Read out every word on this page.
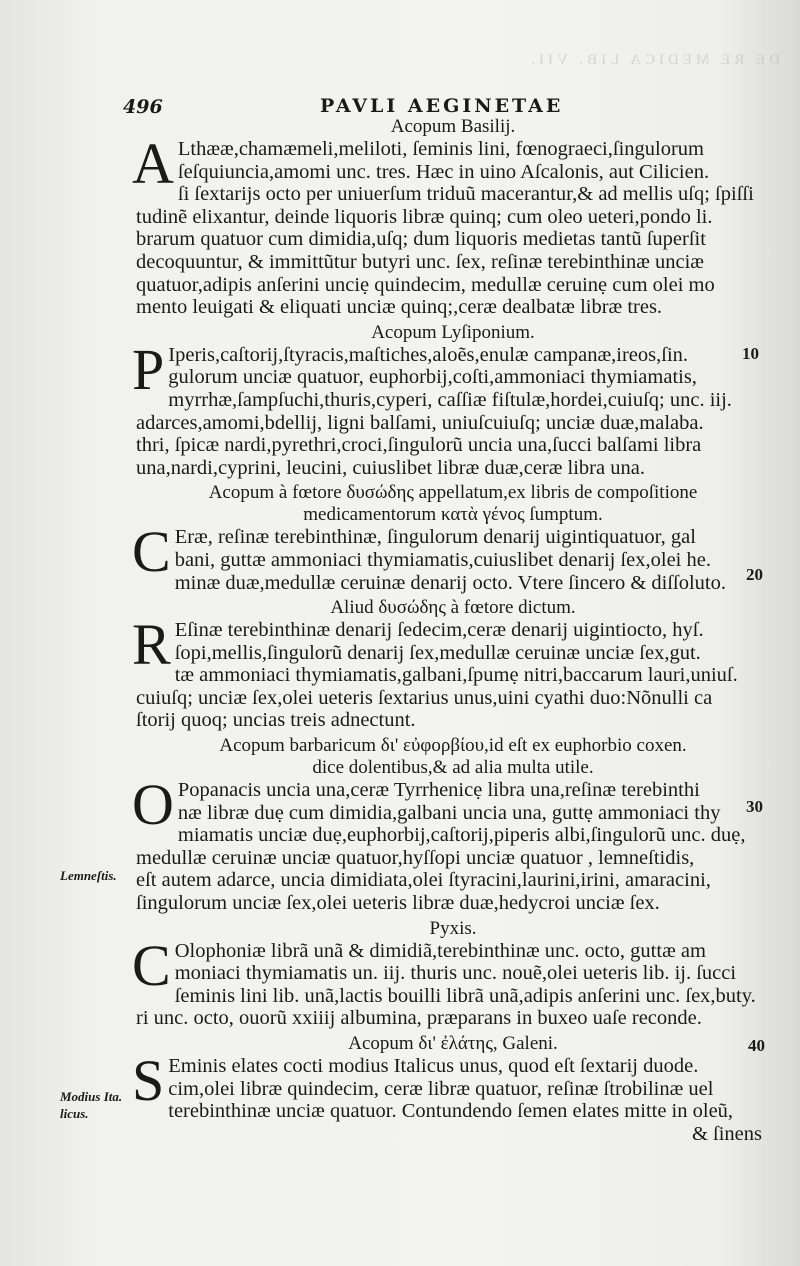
DE RE MEDICA LIB. VII.
496	PAVLI AEGINETAE
Acopum Basilij.
A Lthææ,chamæmeli,meliloti, ſeminis lini, fœnograeci,ſingulorum
ſeſquiuncia,amomi unc. tres. Hæc in uino Aſcalonis, aut Cilicien.
ſi ſextarijs octo per uniuerſum triduũ macerantur,& ad mellis uſq; ſpiſſi
tudinẽ elixantur, deinde liquoris libræ quinq; cum oleo ueteri,pondo li.
brarum quatuor cum dimidia,uſq; dum liquoris medietas tantũ ſuperſit
decoquuntur, & immittũtur butyri unc. ſex, reſinæ terebinthinæ unciæ
quatuor,adipis anſerini unciẹ quindecim, medullæ ceruinẹ cum olei mo
mento leuigati & eliquati unciæ quinq;,ceræ dealbatæ libræ tres.
Acopum Lyſiponium.
P Iperis,caſtorij,ſtyracis,maſtiches,aloẽs,enulæ campanæ,ireos,ſin.
gulorum unciæ quatuor, euphorbij,coſti,ammoniaci thymiamatis,
myrrhæ,ſampſuchi,thuris,cyperi, caſſiæ fiſtulæ,hordei,cuiuſq; unc. iij.
adarces,amomi,bdellij, ligni balſami, uniuſcuiuſq; unciæ duæ,malaba.
thri, ſpicæ nardi,pyrethri,croci,ſingulorũ uncia una,ſucci balſami libra
una,nardi,cyprini, leucini, cuiuslibet libræ duæ,ceræ libra una.
Acopum à fœtore δυσώδης appellatum,ex libris de compoſitione
medicamentorum κατὰ γένος ſumptum.
C Eræ, reſinæ terebinthinæ, ſingulorum denarij uigintiquatuor, gal
bani, guttæ ammoniaci thymiamatis,cuiuslibet denarij ſex,olei he.
minæ duæ,medullæ ceruinæ denarij octo. Vtere ſincero & diſſoluto.
Aliud δυσώδης à fœtore dictum.
R Eſinæ terebinthinæ denarij ſedecim,ceræ denarij uigintiocto, hyſ.
ſopi,mellis,ſingulorũ denarij ſex,medullæ ceruinæ unciæ ſex,gut.
tæ ammoniaci thymiamatis,galbani,ſpumẹ nitri,baccarum lauri,uniuſ.
cuiuſq; unciæ ſex,olei ueteris ſextarius unus,uini cyathi duo:Nõnulli ca
ſtorij quoq; uncias treis adnectunt.
Acopum barbaricum δι' εὐφορβίου,id eſt ex euphorbio coxen.
dice dolentibus,& ad alia multa utile.
O Popanacis uncia una,ceræ Tyrrhenicẹ libra una,reſinæ terebinthi
næ libræ duẹ cum dimidia,galbani uncia una, guttẹ ammoniaci thy
miamatis unciæ duẹ,euphorbij,caſtorij,piperis albi,ſingulorũ unc. duẹ,
medullæ ceruinæ unciæ quatuor,hyſſopi unciæ quatuor , lemneſtidis,
eſt autem adarce, uncia dimidiata,olei ſtyracini,laurini,irini, amaracini,
ſingulorum unciæ ſex,olei ueteris libræ duæ,hedycroi unciæ ſex.
Pyxis.
C Olophoniæ librã unã & dimidiã,terebinthinæ unc. octo, guttæ am
moniaci thymiamatis un. iij. thuris unc. nouẽ,olei ueteris lib. ij. ſucci
ſeminis lini lib. unã,lactis bouilli librã unã,adipis anſerini unc. ſex,buty.
ri unc. octo, ouorũ xxiiij albumina, præparans in buxeo uaſe reconde.
Acopum δι' ἐλάτης, Galeni.
S Eminis elates cocti modius Italicus unus, quod eſt ſextarij duode.
cim,olei libræ quindecim, ceræ libræ quatuor, reſinæ ſtrobilinæ uel
terebinthinæ unciæ quatuor. Contundendo ſemen elates mitte in oleũ,
& ſinens
10
20
30
40
Lemneſtis.
Modius Ita. licus.
